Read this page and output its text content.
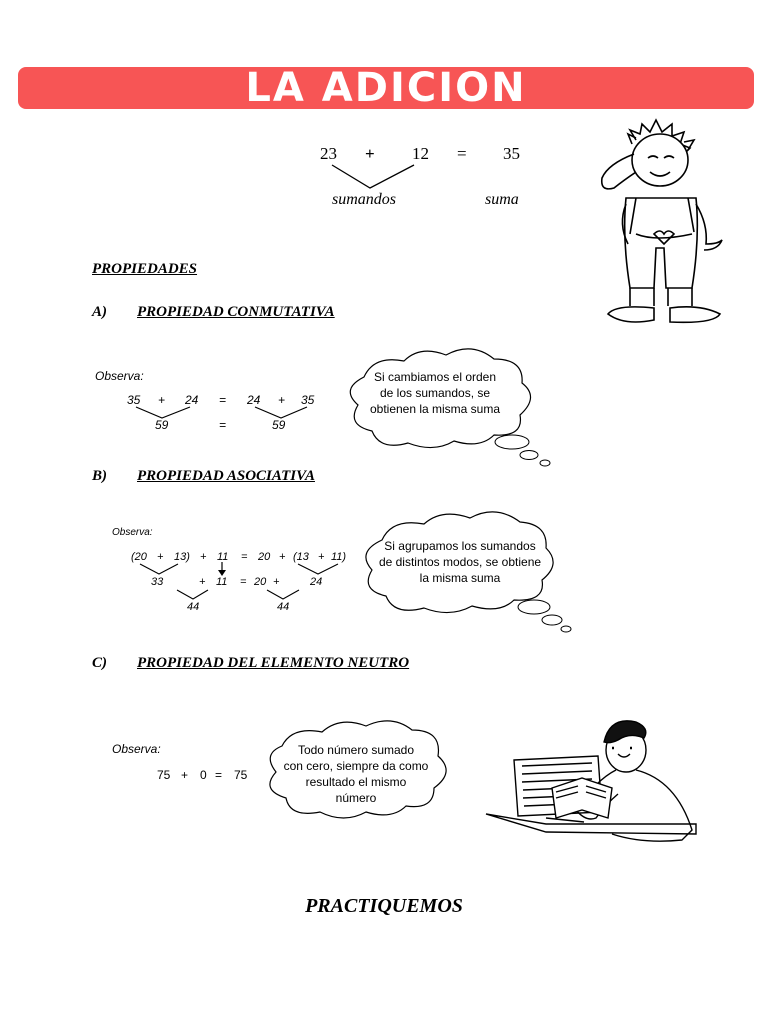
LA ADICION
23 + 12 = 35
sumandos	suma
PROPIEDADES
A) PROPIEDAD CONMUTATIVA
Observa:
35 + 24 = 24 + 35
59	=	59
Si cambiamos el orden
de los sumandos, se
obtienen la misma suma
B) PROPIEDAD ASOCIATIVA
Observa:
(20 + 13) + 11 = 20 + (13 + 11)
33	+ 11 = 20 +	24
44	44
Si agrupamos los sumandos
de distintos modos, se obtiene
la misma suma
C) PROPIEDAD DEL ELEMENTO NEUTRO
Observa:
75 + 0 = 75
Todo número sumado
con cero, siempre da como
resultado el mismo
número
PRACTIQUEMOS
